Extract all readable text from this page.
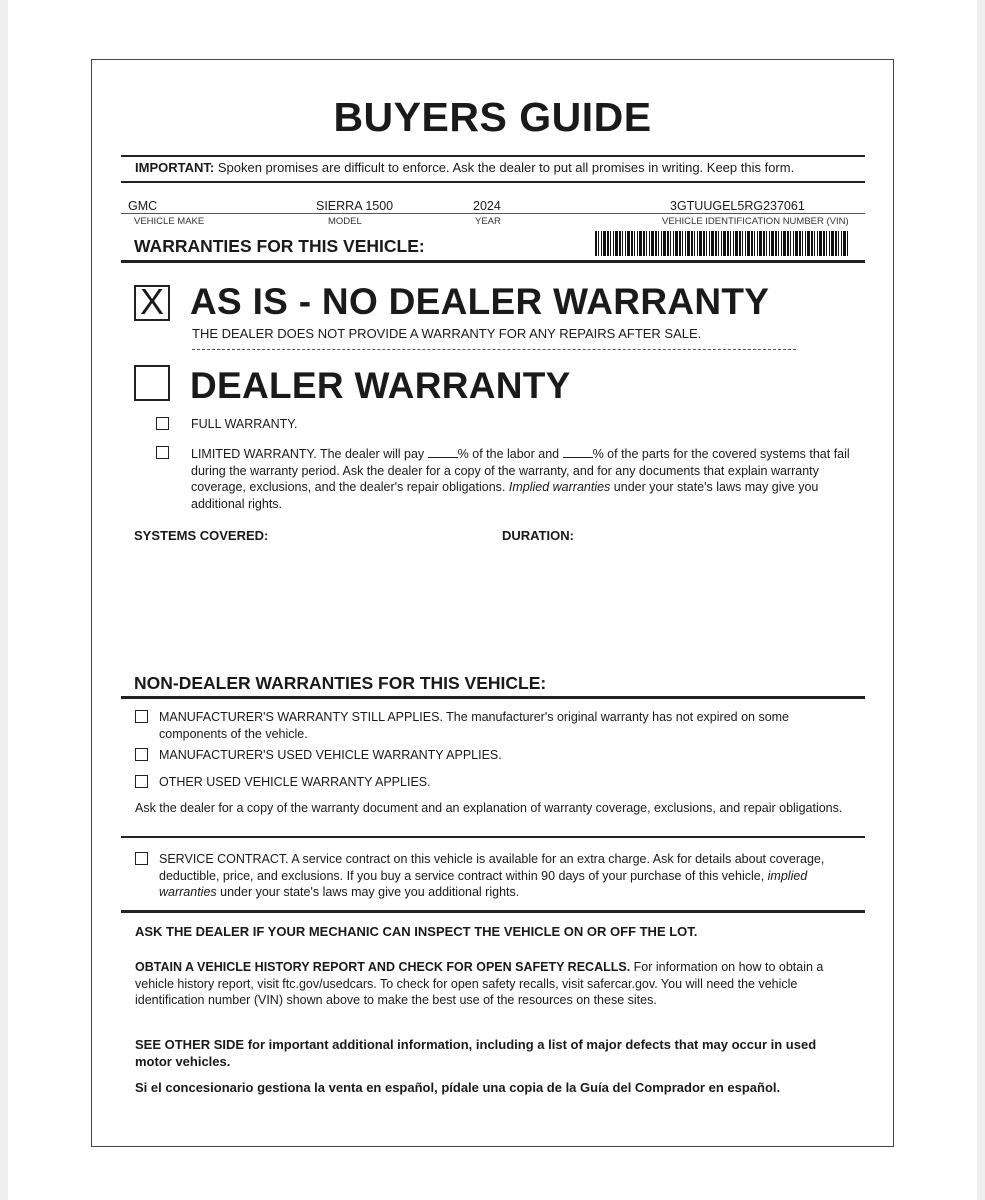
BUYERS GUIDE
IMPORTANT: Spoken promises are difficult to enforce. Ask the dealer to put all promises in writing. Keep this form.
GMC	SIERRA 1500	2024	3GTUUGEL5RG237061
VEHICLE MAKE	MODEL	YEAR	VEHICLE IDENTIFICATION NUMBER (VIN)
WARRANTIES FOR THIS VEHICLE:
X AS IS - NO DEALER WARRANTY
THE DEALER DOES NOT PROVIDE A WARRANTY FOR ANY REPAIRS AFTER SALE.
DEALER WARRANTY
FULL WARRANTY.
LIMITED WARRANTY. The dealer will pay % of the labor and % of the parts for the covered systems that fail during the warranty period. Ask the dealer for a copy of the warranty, and for any documents that explain warranty coverage, exclusions, and the dealer's repair obligations. Implied warranties under your state's laws may give you additional rights.
SYSTEMS COVERED:	DURATION:
NON-DEALER WARRANTIES FOR THIS VEHICLE:
MANUFACTURER'S WARRANTY STILL APPLIES. The manufacturer's original warranty has not expired on some components of the vehicle.
MANUFACTURER'S USED VEHICLE WARRANTY APPLIES.
OTHER USED VEHICLE WARRANTY APPLIES.
Ask the dealer for a copy of the warranty document and an explanation of warranty coverage, exclusions, and repair obligations.
SERVICE CONTRACT. A service contract on this vehicle is available for an extra charge. Ask for details about coverage, deductible, price, and exclusions. If you buy a service contract within 90 days of your purchase of this vehicle, implied warranties under your state's laws may give you additional rights.
ASK THE DEALER IF YOUR MECHANIC CAN INSPECT THE VEHICLE ON OR OFF THE LOT.
OBTAIN A VEHICLE HISTORY REPORT AND CHECK FOR OPEN SAFETY RECALLS. For information on how to obtain a vehicle history report, visit ftc.gov/usedcars. To check for open safety recalls, visit safercar.gov. You will need the vehicle identification number (VIN) shown above to make the best use of the resources on these sites.
SEE OTHER SIDE for important additional information, including a list of major defects that may occur in used motor vehicles.
Si el concesionario gestiona la venta en español, pídale una copia de la Guía del Comprador en español.
